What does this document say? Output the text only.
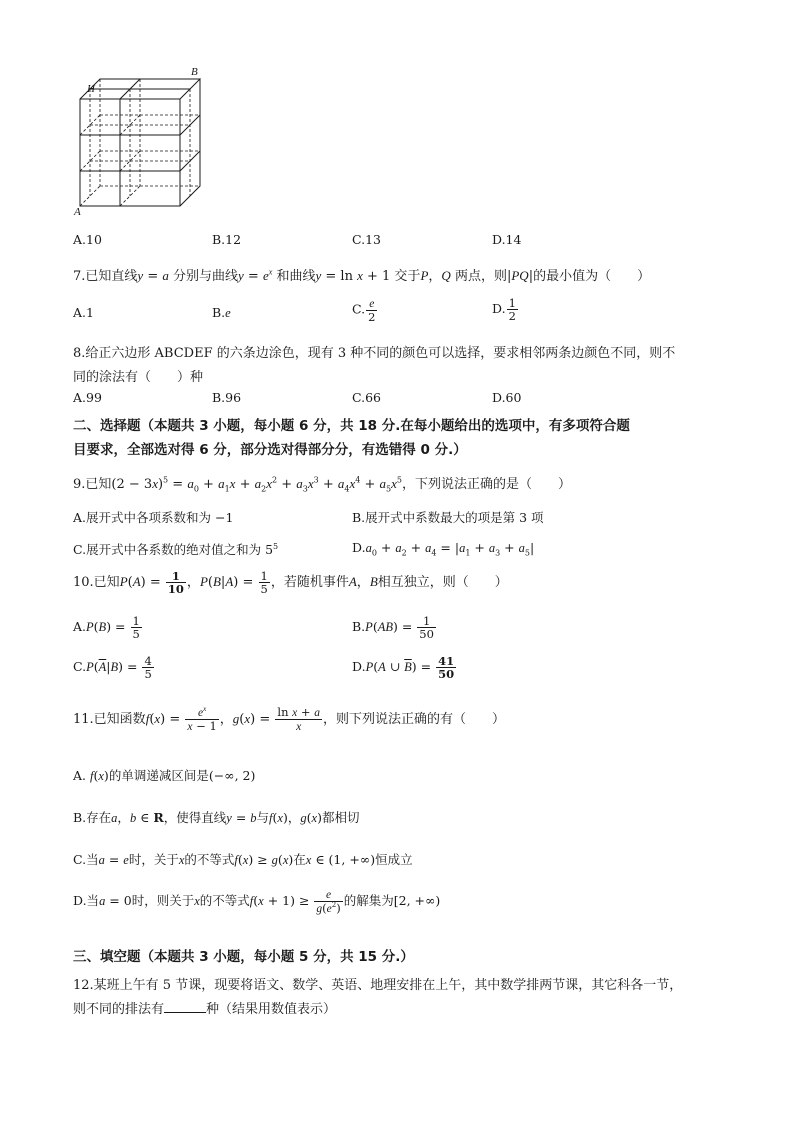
B
H
A
A.10	B.12	C.13	D.14
7.已知直线y = a 分别与曲线$y = e^x$ 和曲线y = ln x + 1 交于P，Q 两点，则|PQ|的最小值为（　　）
A.1	B.e	C. $\frac{e}{2}$	D. $\frac{1}{2}$
8.给正六边形 ABCDEF 的六条边涂色，现有 3 种不同的颜色可以选择，要求相邻两条边颜色不同，则不
同的涂法有（　　）种
A.99	B.96	C.66	D.60
二、选择题（本题共 3 小题，每小题 6 分，共 18 分.在每小题给出的选项中，有多项符合题
目要求，全部选对得 6 分，部分选对得部分分，有选错得 0 分.）
9.已知$(2 - 3x)^5 = a_0 + a_1x + a_2x^2 + a_3x^3 + a_4x^4 + a_5x^5$，下列说法正确的是（　　）
A.展开式中各项系数和为 −1	B.展开式中系数最大的项是第 3 项
C.展开式中各系数的绝对值之和为 $5^5$	$D.a_0 + a_2 + a_4 = |a_1 + a_3 + a_5|$
10.已知$P(A) = \frac{1}{10}$ ，$P(B|A) = \frac{1}{5}$ ，若随机事件A，B相互独立，则（　　）
$A.P(B) = \frac{1}{5}$	$B.P(AB) = \frac{1}{50}$
$C.P(\overline{A}|B) = \frac{4}{5}$	D.P(A ∪ $\overline{B}) = \frac{41}{50}$
11.已知函数$f(x) = \frac{e^x}{x - 1}$ ，$g(x) = \frac{\text{ln x + a}}{x}$ ，则下列说法正确的有（　　）
A. f(x)的单调递减区间是(−∞, 2)
B.存在a，b ∈ R，使得直线y = b与f(x)，g(x)都相切
C.当a = e时，关于x的不等式f(x) ≥ g(x)在x ∈ (1, +∞)恒成立
D.当a = 0时，则关于x的不等式$f(x + 1) \ge \frac{e}{g(e^2)}$ 的解集为[2, +∞)
三、填空题（本题共 3 小题，每小题 5 分，共 15 分.）
12.某班上午有 5 节课，现要将语文、数学、英语、地理安排在上午，其中数学排两节课，其它科各一节，
则不同的排法有	种（结果用数值表示）
